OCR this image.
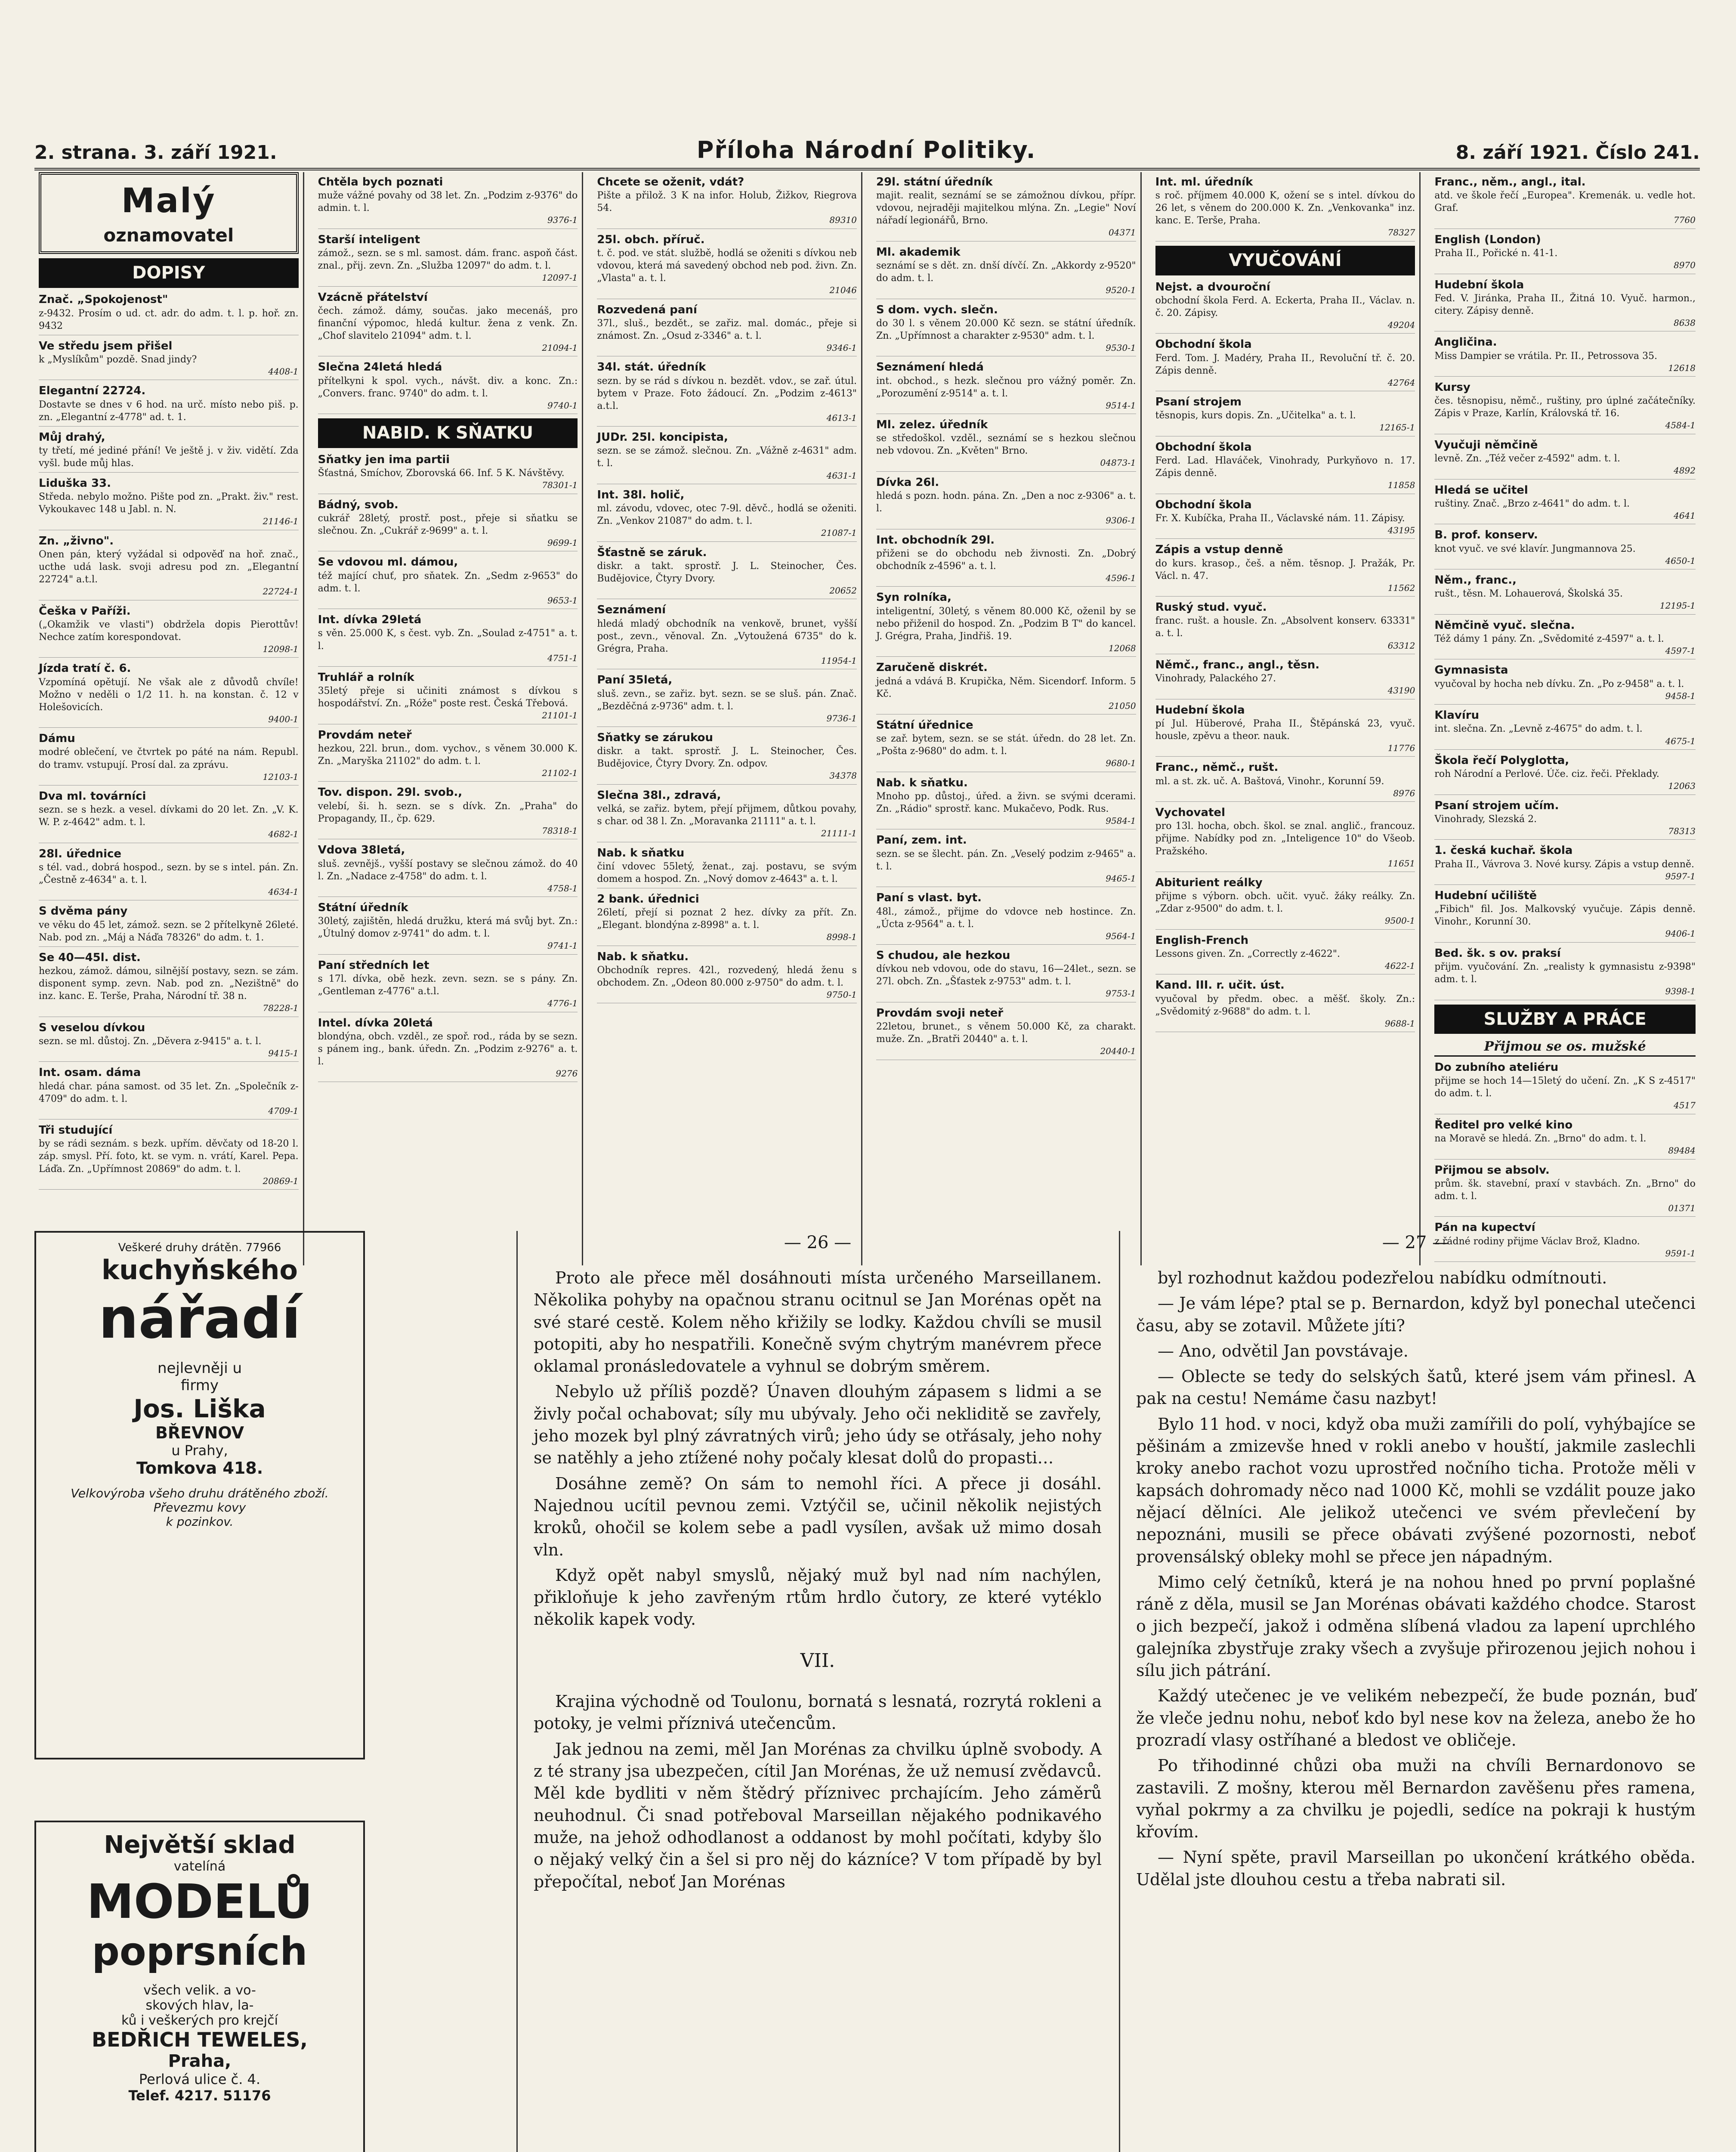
2. strana. 3. září 1921.	Příloha Národní Politiky.	8. září 1921. Číslo 241.
Malý
oznamovatel
DOPISY
Znač. „Spokojenost"

z-9432. Prosím o ud. ct. adr. do adm. t. l. p. hoř. zn. 9432

Ve středu jsem přišel

k „Myslíkům" pozdě. Snad jindy?

4408-1
Elegantní 22724.

Dostavte se dnes v 6 hod. na urč. místo nebo piš. p. zn. „Elegantní z-4778" ad. t. 1.

Můj drahý,

ty třetí, mé jediné přání! Ve ještě j. v živ. vidětí. Zda vyšl. bude můj hlas.

Liduška 33.

Středa. nebylo možno. Pište pod zn. „Prakt. živ." rest. Vykoukavec 148 u Jabl. n. N.

21146-1
Zn. „živno".

Onen pán, který vyžádal si odpověď na hoř. znač., ucthe udá lask. svoji adresu pod zn. „Elegantní 22724" a.t.l.

22724-1
Češka v Paříži.

(„Okamžik ve vlasti") obdržela dopis Pierottův! Nechce zatím korespondovat.

12098-1
Jízda tratí č. 6.

Vzpomíná opětují. Ne však ale z důvodů chvíle! Možno v neděli o 1/2 11. h. na konstan. č. 12 v Holešovicích.

9400-1
Dámu

modré oblečení, ve čtvrtek po páté na nám. Republ. do tramv. vstupují. Prosí dal. za zprávu.

12103-1
Dva ml. továrníci

sezn. se s hezk. a vesel. dívkami do 20 let. Zn. „V. K. W. P. z-4642" adm. t. l.

4682-1
28l. úřednice

s tél. vad., dobrá hospod., sezn. by se s intel. pán. Zn. „Čestně z-4634" a. t. l.

4634-1
S dvěma pány

ve věku do 45 let, zámož. sezn. se 2 přítelkyně 26leté. Nab. pod zn. „Máj a Náďa 78326" do adm. t. 1.

Se 40—45l. dist.

hezkou, zámož. dámou, silnější postavy, sezn. se zám. disponent symp. zevn. Nab. pod zn. „Nezištně" do inz. kanc. E. Terše, Praha, Národní tř. 38 n.

78228-1
S veselou dívkou

sezn. se ml. důstoj. Zn. „Děvera z-9415" a. t. l.

9415-1
Int. osam. dáma

hledá char. pána samost. od 35 let. Zn. „Společník z-4709" do adm. t. l.

4709-1
Tři studující

by se rádi seznám. s bezk. upřím. děvčaty od 18-20 l. záp. smysl. Pří. foto, kt. se vym. n. vrátí, Karel. Pepa. Láďa. Zn. „Upřímnost 20869" do adm. t. l.

20869-1
Chtěla bych poznati

muže vážné povahy od 38 let. Zn. „Podzim z-9376" do admin. t. l.

9376-1
Starší inteligent

zámož., sezn. se s ml. samost. dám. franc. aspoň část. znal., přij. zevn. Zn. „Služba 12097" do adm. t. l.

12097-1
Vzácně přátelství

čech. zámož. dámy, součas. jako mecenáš, pro finanční výpomoc, hledá kultur. žena z venk. Zn. „Chof slavitelo 21094" adm. t. l.

21094-1
Slečna 24letá hledá

přítelkyni k spol. vych., návšt. div. a konc. Zn.: „Convers. franc. 9740" do adm. t. l.

9740-1
NABID. K SŇATKU
Sňatky jen ima partii

Šťastná, Smíchov, Zborovská 66. Inf. 5 K. Návštěvy.

78301-1
Bádný, svob.

cukrář 28letý, prostř. post., přeje si sňatku se slečnou. Zn. „Cukrář z-9699" a. t. l.

9699-1
Se vdovou ml. dámou,

též mající chuť, pro sňatek. Zn. „Sedm z-9653" do adm. t. l.

9653-1
Int. dívka 29letá

s věn. 25.000 K, s čest. vyb. Zn. „Soulad z-4751" a. t. l.

4751-1
Truhlář a rolník

35letý přeje si učiniti známost s dívkou s hospodářství. Zn. „Róže" poste rest. Česká Třebová.

21101-1
Provdám neteř

hezkou, 22l. brun., dom. vychov., s věnem 30.000 K. Zn. „Maryška 21102" do adm. t. l.

21102-1
Tov. dispon. 29l. svob.,

velebí, ši. h. sezn. se s dívk. Zn. „Praha" do Propagandy, II., čp. 629.

78318-1
Vdova 38letá,

sluš. zevnějš., vyšší postavy se slečnou zámož. do 40 l. Zn. „Nadace z-4758" do adm. t. l.

4758-1
Státní úředník

30letý, zajištěn, hledá družku, která má svůj byt. Zn.: „Útulný domov z-9741" do adm. t. l.

9741-1
Paní středních let

s 17l. dívka, obě hezk. zevn. sezn. se s pány. Zn. „Gentleman z-4776" a.t.l.

4776-1
Intel. dívka 20letá

blondýna, obch. vzděl., ze spoř. rod., ráda by se sezn. s pánem ing., bank. úředn. Zn. „Podzim z-9276" a. t. l.

9276
Chcete se oženit, vdát?

Pište a přilož. 3 K na infor. Holub, Žižkov, Riegrova 54.

89310
25l. obch. příruč.

t. č. pod. ve stát. službě, hodlá se oženiti s dívkou neb vdovou, která má savedený obchod neb pod. živn. Zn. „Vlasta" a. t. l.

21046
Rozvedená paní

37l., sluš., bezdět., se zařiz. mal. domác., přeje si známost. Zn. „Osud z-3346" a. t. l.

9346-1
34l. stát. úředník

sezn. by se rád s dívkou n. bezdět. vdov., se zař. útul. bytem v Praze. Foto žádoucí. Zn. „Podzim z-4613" a.t.l.

4613-1
JUDr. 25l. koncipista,

sezn. se se zámož. slečnou. Zn. „Vážně z-4631" adm. t. l.

4631-1
Int. 38l. holič,

ml. závodu, vdovec, otec 7-9l. děvč., hodlá se oženiti. Zn. „Venkov 21087" do adm. t. l.

21087-1
Šťastně se záruk.

diskr. a takt. sprostř. J. L. Steinocher, Čes. Budějovice, Čtyry Dvory.

20652
Seznámení

hledá mladý obchodník na venkově, brunet, vyšší post., zevn., věnoval. Zn. „Vytoužená 6735" do k. Grégra, Praha.

11954-1
Paní 35letá,

sluš. zevn., se zařiz. byt. sezn. se se sluš. pán. Znač. „Bezděčná z-9736" adm. t. l.

9736-1
Sňatky se zárukou

diskr. a takt. sprostř. J. L. Steinocher, Čes. Budějovice, Čtyry Dvory. Zn. odpov.

34378
Slečna 38l., zdravá,

velká, se zařiz. bytem, přejí přijmem, důtkou povahy, s char. od 38 l. Zn. „Moravanka 21111" a. t. l.

21111-1
Nab. k sňatku

činí vdovec 55letý, ženat., zaj. postavu, se svým domem a hospod. Zn. „Nový domov z-4643" a. t. l.

2 bank. úřednici

26letí, přejí si poznat 2 hez. dívky za přít. Zn. „Elegant. blondýna z-8998" a. t. l.

8998-1
Nab. k sňatku.

Obchodník repres. 42l., rozvedený, hledá ženu s obchodem. Zn. „Odeon 80.000 z-9750" do adm. t. l.

9750-1
29l. státní úředník

majit. realit, seznámí se se zámožnou dívkou, přípr. vdovou, nejraději majitelkou mlýna. Zn. „Legie" Noví nářadí legionářů, Brno.

04371
Ml. akademik

seznámí se s dět. zn. dnší dívčí. Zn. „Akkordy z-9520" do adm. t. l.

9520-1
S dom. vych. slečn.

do 30 l. s věnem 20.000 Kč sezn. se státní úředník. Zn. „Upřímnost a charakter z-9530" adm. t. l.

9530-1
Seznámení hledá

int. obchod., s hezk. slečnou pro vážný poměr. Zn. „Porozumění z-9514" a. t. l.

9514-1
Ml. zelez. úředník

se středoškol. vzděl., seznámí se s hezkou slečnou neb vdovou. Zn. „Květen" Brno.

04873-1
Dívka 26l.

hledá s pozn. hodn. pána. Zn. „Den a noc z-9306" a. t. l.

9306-1
Int. obchodník 29l.

přiženi se do obchodu neb živnosti. Zn. „Dobrý obchodník z-4596" a. t. l.

4596-1
Syn rolníka,

inteligentní, 30letý, s věnem 80.000 Kč, oženil by se nebo přiženil do hospod. Zn. „Podzim B T" do kancel. J. Grégra, Praha, Jindřiš. 19.

12068
Zaručeně diskrét.

jedná a vdává B. Krupička, Něm. Sicendorf. Inform. 5 Kč.

21050
Státní úřednice

se zař. bytem, sezn. se se stát. úředn. do 28 let. Zn. „Pošta z-9680" do adm. t. l.

9680-1
Nab. k sňatku.

Mnoho pp. důstoj., úřed. a živn. se svými dcerami. Zn. „Rádio" sprostř. kanc. Mukačevo, Podk. Rus.

9584-1
Paní, zem. int.

sezn. se se šlecht. pán. Zn. „Veselý podzim z-9465" a. t. l.

9465-1
Paní s vlast. byt.

48l., zámož., přijme do vdovce neb hostince. Zn. „Úcta z-9564" a. t. l.

9564-1
S chudou, ale hezkou

dívkou neb vdovou, ode do stavu, 16—24let., sezn. se 27l. obch. Zn. „Šťastek z-9753" adm. t. l.

9753-1
Provdám svoji neteř

22letou, brunet., s věnem 50.000 Kč, za charakt. muže. Zn. „Bratři 20440" a. t. l.

20440-1
Int. ml. úředník

s roč. příjmem 40.000 K, ožení se s intel. dívkou do 26 let, s věnem do 200.000 K. Zn. „Venkovanka" inz. kanc. E. Terše, Praha.

78327
VYUČOVÁNÍ
Nejst. a dvouroční

obchodní škola Ferd. A. Eckerta, Praha II., Václav. n. č. 20. Zápisy.

49204
Obchodní škola

Ferd. Tom. J. Madéry, Praha II., Revoluční tř. č. 20. Zápis denně.

42764
Psaní strojem

těsnopis, kurs dopis. Zn. „Učitelka" a. t. l.

12165-1
Obchodní škola

Ferd. Lad. Hlaváček, Vinohrady, Purkyňovo n. 17. Zápis denně.

11858
Obchodní škola

Fr. X. Kubíčka, Praha II., Václavské nám. 11. Zápisy.

43195
Zápis a vstup denně

do kurs. krasop., češ. a něm. těsnop. J. Pražák, Pr. Václ. n. 47.

11562
Ruský stud. vyuč.

franc. rušt. a housle. Zn. „Absolvent konserv. 63331" a. t. l.

63312
Němč., franc., angl., těsn.

Vinohrady, Palackého 27.

43190
Hudební škola

pí Jul. Hüberové, Praha II., Štěpánská 23, vyuč. housle, zpěvu a theor. nauk.

11776
Franc., němč., rušt.

ml. a st. zk. uč. A. Baštová, Vinohr., Korunní 59.

8976
Vychovatel

pro 13l. hocha, obch. škol. se znal. anglič., francouz. přijme. Nabídky pod zn. „Inteligence 10" do Všeob. Pražského.

11651
Abiturient reálky

přijme s výborn. obch. učit. vyuč. žáky reálky. Zn. „Zdar z-9500" do adm. t. l.

9500-1
English-French

Lessons given. Zn. „Correctly z-4622".

4622-1
Kand. III. r. učit. úst.

vyučoval by předm. obec. a měšť. školy. Zn.: „Svědomitý z-9688" do adm. t. l.

9688-1
Franc., něm., angl., ital.

atd. ve škole řečí „Europea". Kremenák. u. vedle hot. Graf.

7760
English (London)

Praha II., Pořické n. 41-1.

8970
Hudební škola

Fed. V. Jiránka, Praha II., Žitná 10. Vyuč. harmon., citery. Zápisy denně.

8638
Angličina.

Miss Dampier se vrátila. Pr. II., Petrossova 35.

12618
Kursy

čes. těsnopisu, němč., ruštiny, pro úplné začátečníky. Zápis v Praze, Karlín, Královská tř. 16.

4584-1
Vyučuji němčině

levně. Zn. „Též večer z-4592" adm. t. l.

4892
Hledá se učitel

ruštiny. Znač. „Brzo z-4641" do adm. t. l.

4641
B. prof. konserv.

knot vyuč. ve své klavír. Jungmannova 25.

4650-1
Něm., franc.,

rušt., těsn. M. Lohauerová, Školská 35.

12195-1
Němčině vyuč. slečna.

Též dámy 1 pány. Zn. „Svědomité z-4597" a. t. l.

4597-1
Gymnasista

vyučoval by hocha neb dívku. Zn. „Po z-9458" a. t. l.

9458-1
Klavíru

int. slečna. Zn. „Levně z-4675" do adm. t. l.

4675-1
Škola řečí Polyglotta,

roh Národní a Perlové. Úče. ciz. řeči. Překlady.

12063
Psaní strojem učím.

Vinohrady, Slezská 2.

78313
1. česká kuchař. škola

Praha II., Vávrova 3. Nové kursy. Zápis a vstup denně.

9597-1
Hudební učiliště

„Fibich" fil. Jos. Malkovský vyučuje. Zápis denně. Vinohr., Korunní 30.

9406-1
Bed. šk. s ov. praksí

přijm. vyučování. Zn. „realisty k gymnasistu z-9398" adm. t. l.

9398-1
SLUŽBY A PRÁCE
Přijmou se os. mužské
Do zubního ateliéru

přijme se hoch 14—15letý do učení. Zn. „K S z-4517" do adm. t. l.

4517
Ředitel pro velké kino

na Moravě se hledá. Zn. „Brno" do adm. t. l.

89484
Přijmou se absolv.

prům. šk. stavební, praxí v stavbách. Zn. „Brno" do adm. t. l.

01371
Pán na kupectví

z řádné rodiny přijme Václav Brož, Kladno.

9591-1
Veškeré druhy drátěn. 77966
kuchyňského
nářadí
nejlevněji u
firmy
Jos. Liška
BŘEVNOV
u Prahy,
Tomkova 418.
Velkovýroba všeho druhu drátěného zboží.
Převezmu kovy
k pozinkov.
Největší sklad
vatelíná
MODELŮ
poprsních
všech velik. a vo-
skových hlav, la-
ků i veškerých pro krejčí
BEDŘICH TEWELES,
Praha,
Perlová ulice č. 4.
Telef. 4217. 51176
— 26 —

Proto ale přece měl dosáhnouti místa určeného Marseillanem. Několika pohyby na opačnou stranu ocitnul se Jan Morénas opět na své staré cestě. Kolem něho křižily se lodky. Každou chvíli se musil potopiti, aby ho nespatřili. Konečně svým chytrým manévrem přece oklamal pronásledovatele a vyhnul se dobrým směrem.

Nebylo už příliš pozdě? Únaven dlouhým zápasem s lidmi a se živly počal ochabovat; síly mu ubývaly. Jeho oči nekliditě se zavřely, jeho mozek byl plný závratných virů; jeho údy se otřásaly, jeho nohy se natěhly a jeho ztížené nohy počaly klesat dolů do propasti…

Dosáhne země? On sám to nemohl říci. A přece ji dosáhl. Najednou ucítil pevnou zemi. Vztýčil se, učinil několik nejistých kroků, ohočil se kolem sebe a padl vysílen, avšak už mimo dosah vln.

Když opět nabyl smyslů, nějaký muž byl nad ním nachýlen, přikloňuje k jeho zavřeným rtům hrdlo čutory, ze které vytéklo několik kapek vody.

VII.

Krajina východně od Toulonu, bornatá s lesnatá, rozrytá rokleni a potoky, je velmi příznivá utečencům.

Jak jednou na zemi, měl Jan Morénas za chvilku úplně svobody. A z té strany jsa ubezpečen, cítil Jan Morénas, že už nemusí zvědavců. Měl kde bydliti v něm štědrý příznivec prchajícím. Jeho záměrů neuhodnul. Či snad potřeboval Marseillan nějakého podnikavého muže, na jehož odhodlanost a oddanost by mohl počítati, kdyby šlo o nějaký velký čin a šel si pro něj do kázníce? V tom případě by byl přepočítal, neboť Jan Morénas

— 27 —

byl rozhodnut každou podezřelou nabídku odmítnouti.

— Je vám lépe? ptal se p. Bernardon, když byl ponechal utečenci času, aby se zotavil. Můžete jíti?

— Ano, odvětil Jan povstávaje.

— Oblecte se tedy do selských šatů, které jsem vám přinesl. A pak na cestu! Nemáme času nazbyt!

Bylo 11 hod. v noci, když oba muži zamířili do polí, vyhýbajíce se pěšinám a zmizevše hned v rokli anebo v houští, jakmile zaslechli kroky anebo rachot vozu uprostřed nočního ticha. Protože měli v kapsách dohromady něco nad 1000 Kč, mohli se vzdálit pouze jako nějací dělníci. Ale jelikož utečenci ve svém převlečení by nepoznáni, musili se přece obávati zvýšené pozornosti, neboť provensálský obleky mohl se přece jen nápadným.

Mimo celý četníků, která je na nohou hned po první poplašné ráně z děla, musil se Jan Morénas obávati každého chodce. Starost o jich bezpečí, jakož i odměna slíbená vladou za lapení uprchlého galejníka zbystřuje zraky všech a zvyšuje přirozenou jejich nohou i sílu jich pátrání.

Každý utečenec je ve velikém nebezpečí, že bude poznán, buď že vleče jednu nohu, neboť kdo byl nese kov na železa, anebo že ho prozradí vlasy ostříhané a bledost ve obličeje.

Po třihodinné chůzi oba muži na chvíli Bernardonovo se zastavili. Z mošny, kterou měl Bernardon zavěšenu přes ramena, vyňal pokrmy a za chvilku je pojedli, sedíce na pokraji k hustým křovím.

— Nyní spěte, pravil Marseillan po ukončení krátkého oběda. Udělal jste dlouhou cestu a třeba nabrati sil.
